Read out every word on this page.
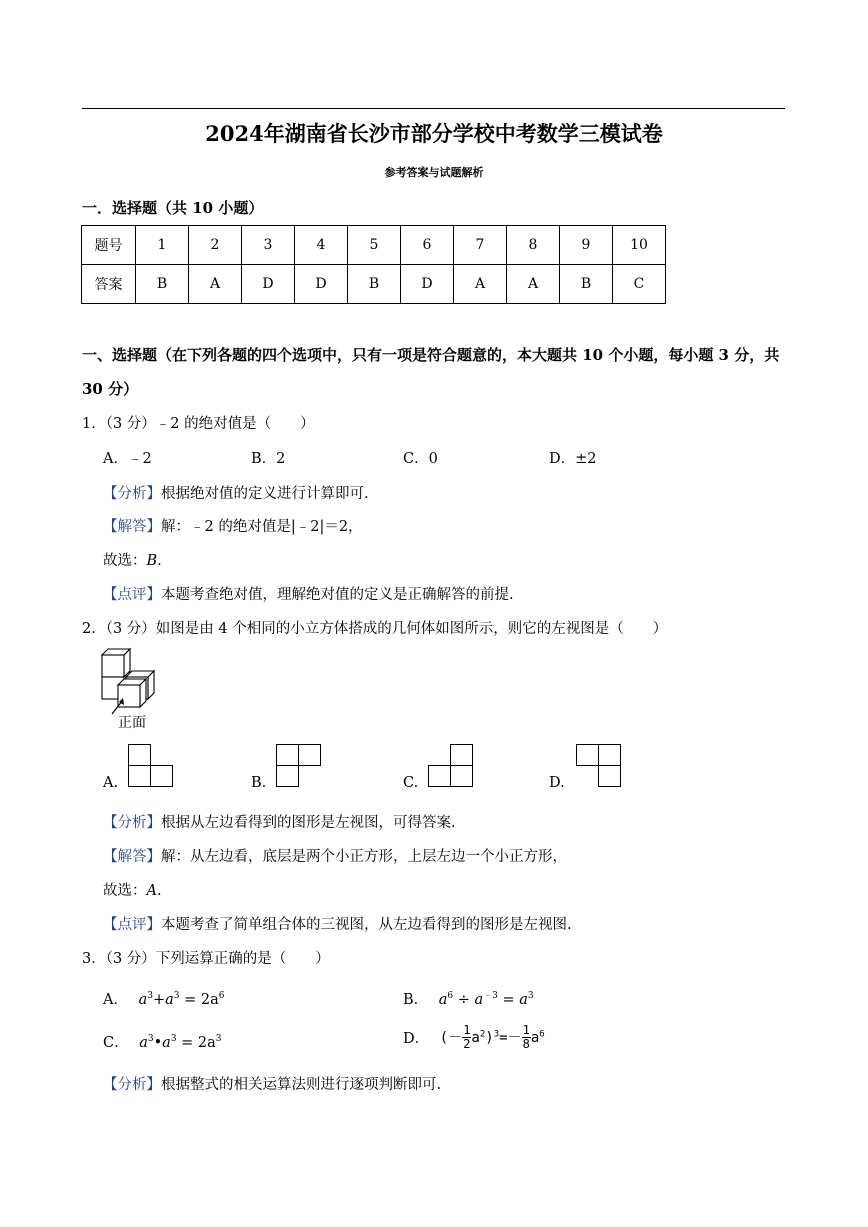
2024年湖南省长沙市部分学校中考数学三模试卷
参考答案与试题解析
一．选择题（共 10 小题）
题号	1	2	3	4	5	6	7	8	9	10
答案	B	A	D	D	B	D	A	A	B	C
一、选择题（在下列各题的四个选项中，只有一项是符合题意的，本大题共 10 个小题，每小题 3 分，共
30 分）
1．（3 分）﹣2 的绝对值是（　　）
A．﹣2	B．2	C．0	D．±2
【分析】根据绝对值的定义进行计算即可.
【解答】解：﹣2 的绝对值是|﹣2|＝2，
故选：B.
【点评】本题考查绝对值，理解绝对值的定义是正确解答的前提.
2．（3 分）如图是由 4 个相同的小立方体搭成的几何体如图所示，则它的左视图是（　　）
正面
A.	B.	C.	D.
【分析】根据从左边看得到的图形是左视图，可得答案.
【解答】解：从左边看，底层是两个小正方形，上层左边一个小正方形，
故选：A.
【点评】本题考查了简单组合体的三视图，从左边看得到的图形是左视图.
3．（3 分）下列运算正确的是（　　）
A． $a^3+a^3 = 2a^6$	B． $a^6 \div a^{﹣3} = a^3$
C． $a^3•a^3 = 2a^3$	D． (－ $\frac{1}{2} a^2)^3=- \frac{1}{8} a^6$
【分析】根据整式的相关运算法则进行逐项判断即可.
